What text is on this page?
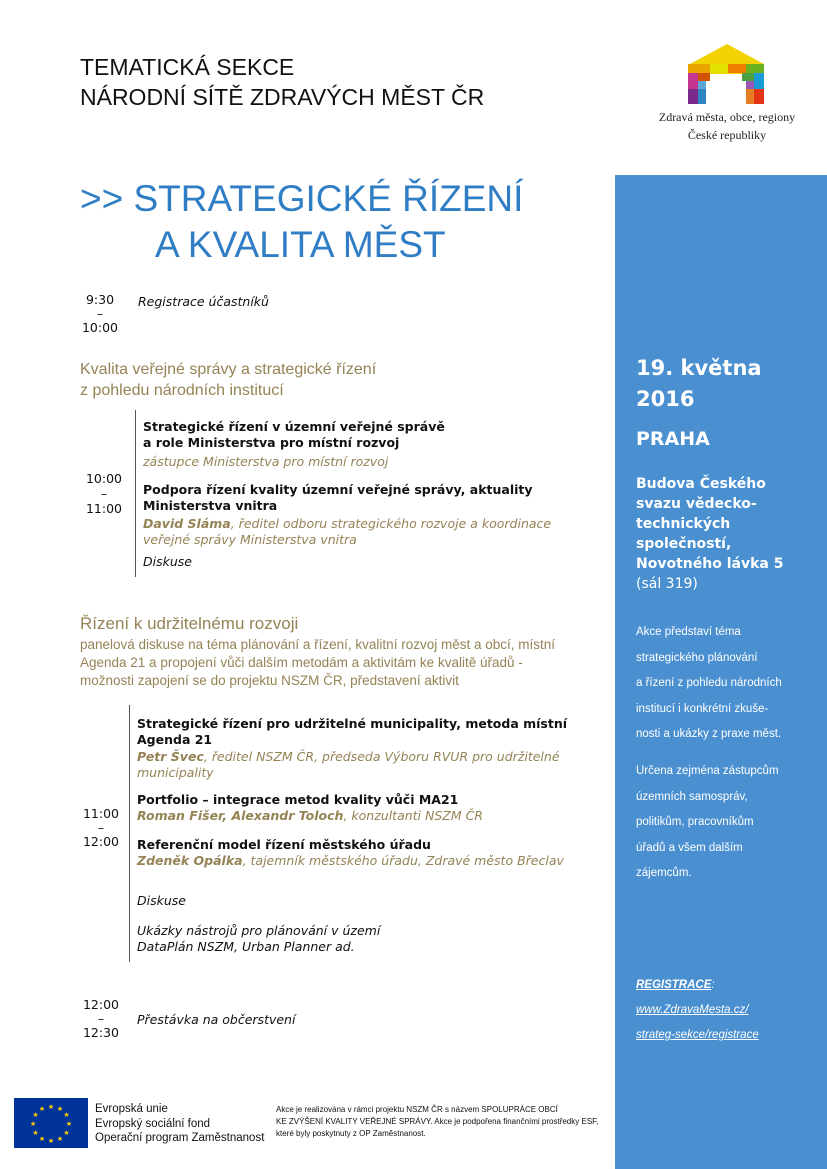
TEMATICKÁ SEKCE
NÁRODNÍ SÍTĚ ZDRAVÝCH MĚST ČR
Zdravá města, obce, regiony
České republiky
>> STRATEGICKÉ ŘÍZENÍ
A KVALITA MĚST
9:30
–
10:00
Registrace účastníků
Kvalita veřejné správy a strategické řízení
z pohledu národních institucí
10:00
–
11:00
Strategické řízení v územní veřejné správě
a role Ministerstva pro místní rozvoj
zástupce Ministerstva pro místní rozvoj
Podpora řízení kvality územní veřejné správy, aktuality
Ministerstva vnitra
David Sláma, ředitel odboru strategického rozvoje a koordinace
veřejné správy Ministerstva vnitra
Diskuse
Řízení k udržitelnému rozvoji
panelová diskuse na téma plánování a řízení, kvalitní rozvoj měst a obcí, místní
Agenda 21 a propojení vůči dalším metodám a aktivitám ke kvalitě úřadů -
možnosti zapojení se do projektu NSZM ČR, představení aktivit
11:00
–
12:00
Strategické řízení pro udržitelné municipality, metoda místní
Agenda 21
Petr Švec, ředitel NSZM ČR, předseda Výboru RVUR pro udržitelné
municipality
Portfolio – integrace metod kvality vůči MA21
Roman Fišer, Alexandr Toloch, konzultanti NSZM ČR
Referenční model řízení městského úřadu
Zdeněk Opálka, tajemník městského úřadu, Zdravé město Břeclav
Diskuse
Ukázky nástrojů pro plánování v území
DataPlán NSZM, Urban Planner ad.
12:00
–
12:30
Přestávka na občerstvení
19. května
2016
PRAHA
Budova Českého
svazu vědecko-
technických
společností,
Novotného lávka 5
(sál 319)
Akce představí téma
strategického plánování
a řízení z pohledu národních
institucí i konkrétní zkuše-
nosti a ukázky z praxe měst.
Určena zejména zástupcům
územních samospráv,
politikům, pracovníkům
úřadů a všem dalším
zájemcům.
REGISTRACE:
www.ZdravaMesta.cz/
strateg-sekce/registrace
★ ★
★
★
★
★
★
★
★
★
★
★	Evropská unie
Evropský sociální fond
Operační program Zaměstnanost
Akce je realizována v rámci projektu NSZM ČR s názvem SPOLUPRÁCE OBCÍ
KE ZVÝŠENÍ KVALITY VEŘEJNÉ SPRÁVY. Akce je podpořena finančními prostředky ESF,
které byly poskytnuty z OP Zaměstnanost.
